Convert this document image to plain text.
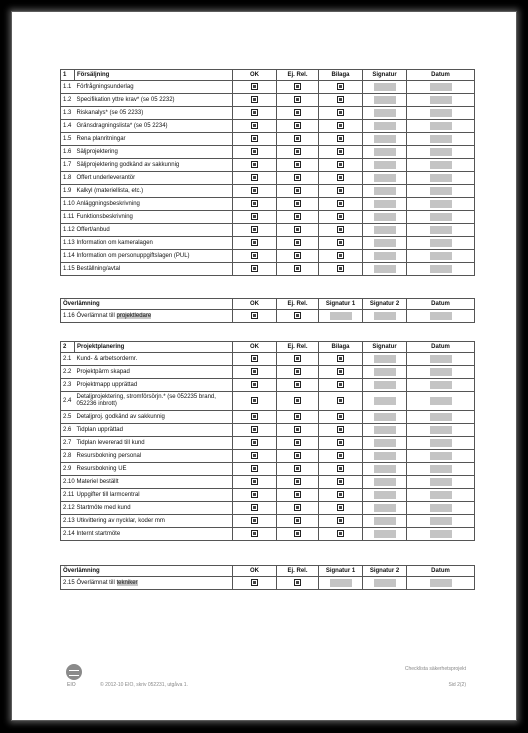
1	Försäljning	OK	Ej. Rel.	Bilaga	Signatur	Datum
1.1	Förfrågningsunderlag				

1.2	Specifikation yttre krav* (se 05 2232)				

1.3	Riskanalys* (se 05 2233)				

1.4	Gränsdragningslista* (se 05 2234)				

1.5	Rena planritningar				

1.6	Säljprojektering				

1.7	Säljprojektering godkänd av sakkunnig				

1.8	Offert underleverantör				

1.9	Kalkyl (materiellista, etc.)				

1.10	Anläggningsbeskrivning				

1.11	Funktionsbeskrivning				

1.12	Offert/anbud				

1.13	Information om kameralagen				

1.14	Information om personuppgiftslagen (PUL)				

1.15	Beställning/avtal				

Överlämning		OK	Ej. Rel.	Signatur 1	Signatur 2	Datum
1.16	Överlämnat till projektledare			

2	Projektplanering	OK	Ej. Rel.	Bilaga	Signatur	Datum
2.1	Kund- & arbetsordernr.				

2.2	Projektpärm skapad				

2.3	Projektmapp upprättad				

2.4	Detaljprojektering, stromförsörjn.* (se 052235 brand, 052236 inbrott)				

2.5	Detaljproj. godkänd av sakkunnig				

2.6	Tidplan upprättad				

2.7	Tidplan levererad till kund				

2.8	Resursbokning personal				

2.9	Resursbokning UE				

2.10	Materiel beställt				

2.11	Uppgifter till larmcentral				

2.12	Startmöte med kund				

2.13	Utkvittering av nycklar, koder mm				

2.14	Internt startmöte				

Överlämning		OK	Ej. Rel.	Signatur 1	Signatur 2	Datum
2.15	Överlämnat till tekniker			

EIO	© 2012-10 EIO, skriv 052231, utgåva 1.
Checklista säkerhetsprojekt
Sid 2(2)
